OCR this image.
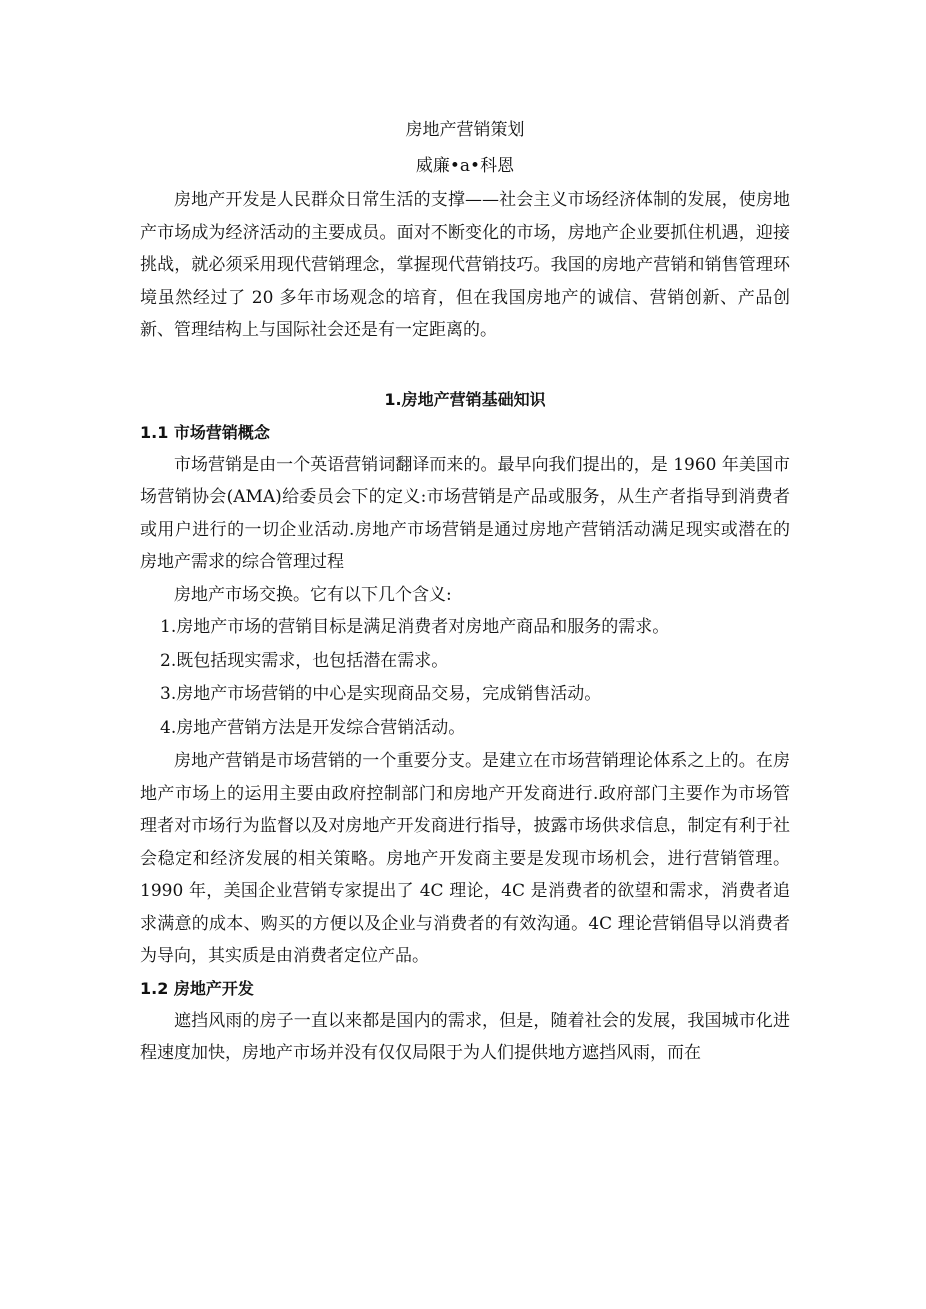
房地产营销策划

威廉•a•科恩

房地产开发是人民群众日常生活的支撑——社会主义市场经济体制的发展，使房地产市场成为经济活动的主要成员。面对不断变化的市场，房地产企业要抓住机遇，迎接挑战，就必须采用现代营销理念，掌握现代营销技巧。我国的房地产营销和销售管理环境虽然经过了 20 多年市场观念的培育，但在我国房地产的诚信、营销创新、产品创新、管理结构上与国际社会还是有一定距离的。

1.房地产营销基础知识
1.1 市场营销概念

市场营销是由一个英语营销词翻译而来的。最早向我们提出的，是 1960 年美国市场营销协会(AMA)给委员会下的定义:市场营销是产品或服务，从生产者指导到消费者或用户进行的一切企业活动.房地产市场营销是通过房地产营销活动满足现实或潜在的房地产需求的综合管理过程

房地产市场交换。它有以下几个含义:

1.房地产市场的营销目标是满足消费者对房地产商品和服务的需求。

2.既包括现实需求，也包括潜在需求。

3.房地产市场营销的中心是实现商品交易，完成销售活动。

4.房地产营销方法是开发综合营销活动。

房地产营销是市场营销的一个重要分支。是建立在市场营销理论体系之上的。在房地产市场上的运用主要由政府控制部门和房地产开发商进行.政府部门主要作为市场管理者对市场行为监督以及对房地产开发商进行指导，披露市场供求信息，制定有利于社会稳定和经济发展的相关策略。房地产开发商主要是发现市场机会，进行营销管理。1990 年，美国企业营销专家提出了 4C 理论，4C 是消费者的欲望和需求，消费者追求满意的成本、购买的方便以及企业与消费者的有效沟通。4C 理论营销倡导以消费者为导向，其实质是由消费者定位产品。

1.2 房地产开发

遮挡风雨的房子一直以来都是国内的需求，但是，随着社会的发展，我国城市化进程速度加快，房地产市场并没有仅仅局限于为人们提供地方遮挡风雨，而在
